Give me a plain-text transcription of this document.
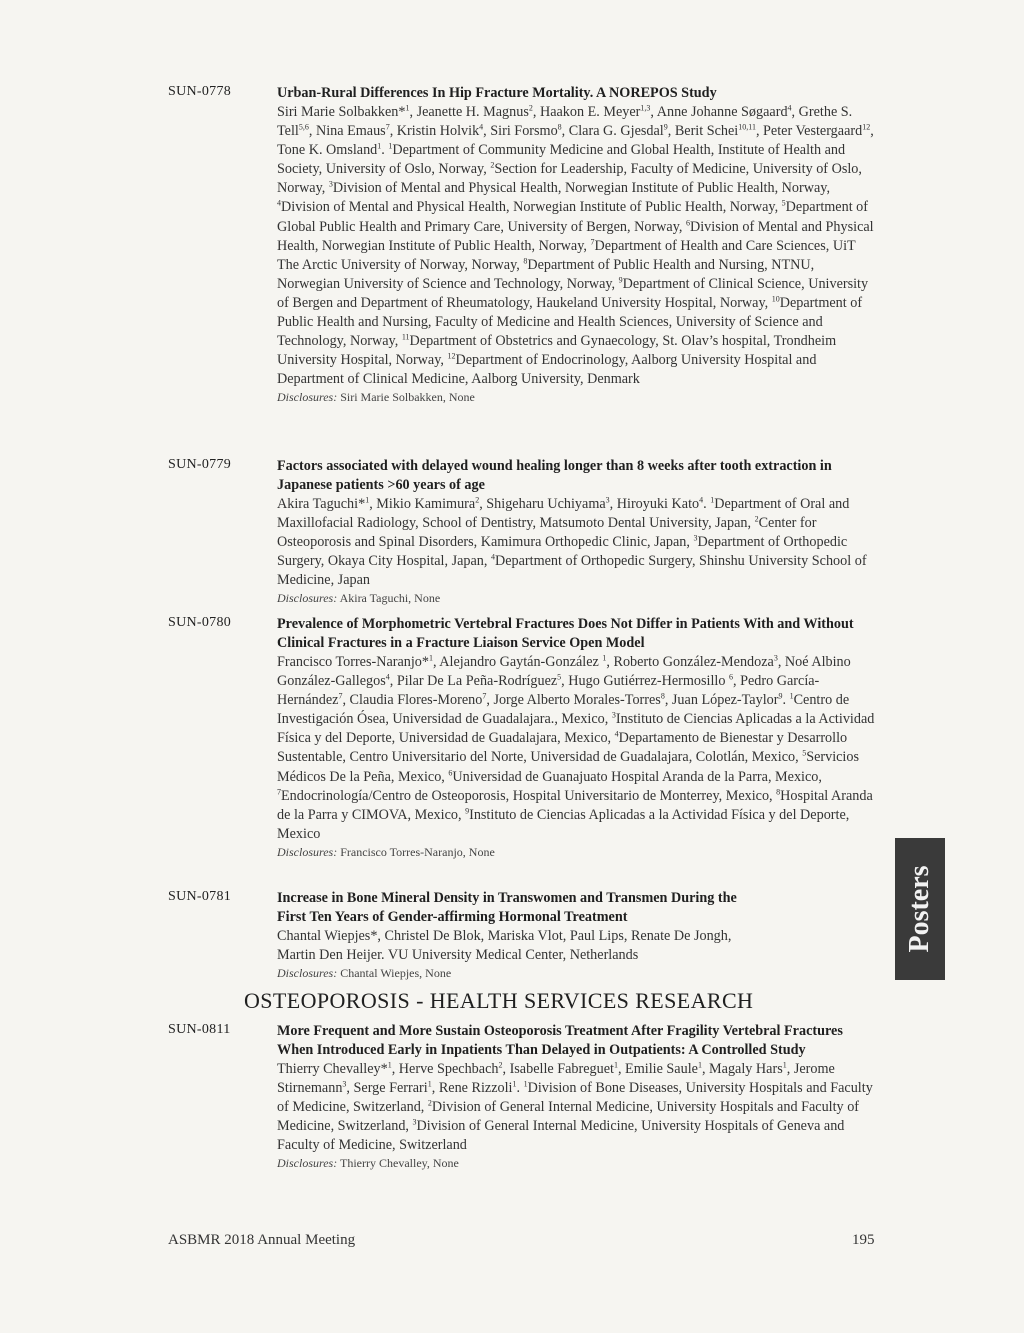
SUN-0778	Urban-Rural Differences In Hip Fracture Mortality. A NOREPOS Study
Siri Marie Solbakken*$^1$, Jeanette H. Magnus$^2$, Haakon E. Meyer$^{1,3}$, Anne Johanne Søgaard$^4$, Grethe S. Tell$^{5,6}$, Nina Emaus$^7$, Kristin Holvik$^4$, Siri Forsmo$^8$, Clara G. Gjesdal$^9$, Berit Schei$^{10,11}$, Peter Vestergaard$^{12}$, Tone K. Omsland$^1$. $^1$Department of Community Medicine and Global Health, Institute of Health and Society, University of Oslo, Norway, $^2$Section for Leadership, Faculty of Medicine, University of Oslo, Norway, $^3$Division of Mental and Physical Health, Norwegian Institute of Public Health, Norway, $^4$Division of Mental and Physical Health, Norwegian Institute of Public Health, Norway, $^5$Department of Global Public Health and Primary Care, University of Bergen, Norway, $^6$Division of Mental and Physical Health, Norwegian Institute of Public Health, Norway, $^7$Department of Health and Care Sciences, UiT The Arctic University of Norway, Norway, $^8$Department of Public Health and Nursing, NTNU, Norwegian University of Science and Technology, Norway, $^9$Department of Clinical Science, University of Bergen and Department of Rheumatology, Haukeland University Hospital, Norway, $^{10}$Department of Public Health and Nursing, Faculty of Medicine and Health Sciences, University of Science and Technology, Norway, $^{11}$Department of Obstetrics and Gynaecology, St. Olav’s hospital, Trondheim University Hospital, Norway, $^{12}$Department of Endocrinology, Aalborg University Hospital and Department of Clinical Medicine, Aalborg University, Denmark
Disclosures: Siri Marie Solbakken, None
SUN-0779	Factors associated with delayed wound healing longer than 8 weeks after tooth extraction in Japanese patients >60 years of age
Akira Taguchi*$^1$, Mikio Kamimura$^2$, Shigeharu Uchiyama$^3$, Hiroyuki Kato$^4$. $^1$Department of Oral and Maxillofacial Radiology, School of Dentistry, Matsumoto Dental University, Japan, $^2$Center for Osteoporosis and Spinal Disorders, Kamimura Orthopedic Clinic, Japan, $^3$Department of Orthopedic Surgery, Okaya City Hospital, Japan, $^4$Department of Orthopedic Surgery, Shinshu University School of Medicine, Japan
Disclosures: Akira Taguchi, None
SUN-0780	Prevalence of Morphometric Vertebral Fractures Does Not Differ in Patients With and Without Clinical Fractures in a Fracture Liaison Service Open Model
Francisco Torres-Naranjo*$^1$, Alejandro Gaytán-González $^1$, Roberto González-Mendoza$^3$, Noé Albino González-Gallegos$^4$, Pilar De La Peña-Rodríguez$^5$, Hugo Gutiérrez-Hermosillo $^6$, Pedro García-Hernández$^7$, Claudia Flores-Moreno$^7$, Jorge Alberto Morales-Torres$^8$, Juan López-Taylor$^9$. $^1$Centro de Investigación Ósea, Universidad de Guadalajara., Mexico, $^3$Instituto de Ciencias Aplicadas a la Actividad Física y del Deporte, Universidad de Guadalajara, Mexico, $^4$Departamento de Bienestar y Desarrollo Sustentable, Centro Universitario del Norte, Universidad de Guadalajara, Colotlán, Mexico, $^5$Servicios Médicos De la Peña, Mexico, $^6$Universidad de Guanajuato Hospital Aranda de la Parra, Mexico, $^7$Endocrinología/Centro de Osteoporosis, Hospital Universitario de Monterrey, Mexico, $^8$Hospital Aranda de la Parra y CIMOVA, Mexico, $^9$Instituto de Ciencias Aplicadas a la Actividad Física y del Deporte, Mexico
Disclosures: Francisco Torres-Naranjo, None
SUN-0781	Increase in Bone Mineral Density in Transwomen and Transmen During the First Ten Years of Gender-affirming Hormonal Treatment
Chantal Wiepjes*, Christel De Blok, Mariska Vlot, Paul Lips, Renate De Jongh, Martin Den Heijer. VU University Medical Center, Netherlands
Disclosures: Chantal Wiepjes, None
OSTEOPOROSIS - HEALTH SERVICES RESEARCH
SUN-0811	More Frequent and More Sustain Osteoporosis Treatment After Fragility Vertebral Fractures When Introduced Early in Inpatients Than Delayed in Outpatients: A Controlled Study
Thierry Chevalley*$^1$, Herve Spechbach$^2$, Isabelle Fabreguet$^1$, Emilie Saule$^1$, Magaly Hars$^1$, Jerome Stirnemann$^3$, Serge Ferrari$^1$, Rene Rizzoli$^1$. $^1$Division of Bone Diseases, University Hospitals and Faculty of Medicine, Switzerland, $^2$Division of General Internal Medicine, University Hospitals and Faculty of Medicine, Switzerland, $^3$Division of General Internal Medicine, University Hospitals of Geneva and Faculty of Medicine, Switzerland
Disclosures: Thierry Chevalley, None
Posters
ASBMR 2018 Annual Meeting	195
